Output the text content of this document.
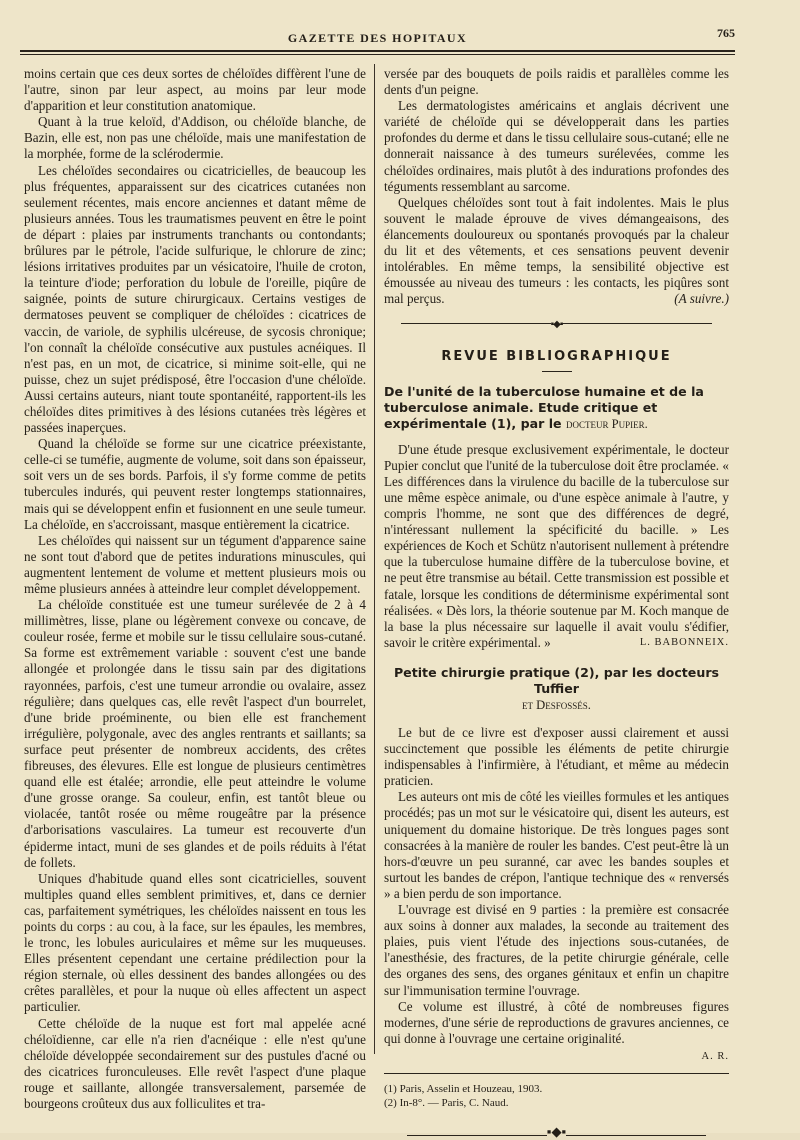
GAZETTE DES HOPITAUX	765

moins certain que ces deux sortes de chéloïdes diffèrent l'une de l'autre, sinon par leur aspect, au moins par leur mode d'apparition et leur constitution anatomique.

Quant à la true keloïd, d'Addison, ou chéloïde blanche, de Bazin, elle est, non pas une chéloïde, mais une manifestation de la morphée, forme de la sclérodermie.

Les chéloïdes secondaires ou cicatricielles, de beaucoup les plus fréquentes, apparaissent sur des cicatrices cutanées non seulement récentes, mais encore anciennes et datant même de plusieurs années. Tous les traumatismes peuvent en être le point de départ : plaies par instruments tranchants ou contondants; brûlures par le pétrole, l'acide sulfurique, le chlorure de zinc; lésions irritatives produites par un vésicatoire, l'huile de croton, la teinture d'iode; perforation du lobule de l'oreille, piqûre de saignée, points de suture chirurgicaux. Certains vestiges de dermatoses peuvent se compliquer de chéloïdes : cicatrices de vaccin, de variole, de syphilis ulcéreuse, de sycosis chronique; l'on connaît la chéloïde consécutive aux pustules acnéiques. Il n'est pas, en un mot, de cicatrice, si minime soit-elle, qui ne puisse, chez un sujet prédisposé, être l'occasion d'une chéloïde. Aussi certains auteurs, niant toute spontanéité, rapportent-ils les chéloïdes dites primitives à des lésions cutanées très légères et passées inaperçues.

Quand la chéloïde se forme sur une cicatrice préexistante, celle-ci se tuméfie, augmente de volume, soit dans son épaisseur, soit vers un de ses bords. Parfois, il s'y forme comme de petits tubercules indurés, qui peuvent rester longtemps stationnaires, mais qui se développent enfin et fusionnent en une seule tumeur. La chéloïde, en s'accroissant, masque entièrement la cicatrice.

Les chéloïdes qui naissent sur un tégument d'apparence saine ne sont tout d'abord que de petites indurations minuscules, qui augmentent lentement de volume et mettent plusieurs mois ou même plusieurs années à atteindre leur complet développement.

La chéloïde constituée est une tumeur surélevée de 2 à 4 millimètres, lisse, plane ou légèrement convexe ou concave, de couleur rosée, ferme et mobile sur le tissu cellulaire sous-cutané. Sa forme est extrêmement variable : souvent c'est une bande allongée et prolongée dans le tissu sain par des digitations rayonnées, parfois, c'est une tumeur arrondie ou ovalaire, assez régulière; dans quelques cas, elle revêt l'aspect d'un bourrelet, d'une bride proéminente, ou bien elle est franchement irrégulière, polygonale, avec des angles rentrants et saillants; sa surface peut présenter de nombreux accidents, des crêtes fibreuses, des élevures. Elle est longue de plusieurs centimètres quand elle est étalée; arrondie, elle peut atteindre le volume d'une grosse orange. Sa couleur, enfin, est tantôt bleue ou violacée, tantôt rosée ou même rougeâtre par la présence d'arborisations vasculaires. La tumeur est recouverte d'un épiderme intact, muni de ses glandes et de poils réduits à l'état de follets.

Uniques d'habitude quand elles sont cicatricielles, souvent multiples quand elles semblent primitives, et, dans ce dernier cas, parfaitement symétriques, les chéloïdes naissent en tous les points du corps : au cou, à la face, sur les épaules, les membres, le tronc, les lobules auriculaires et même sur les muqueuses. Elles présentent cependant une certaine prédilection pour la région sternale, où elles dessinent des bandes allongées ou des crêtes parallèles, et pour la nuque où elles affectent un aspect particulier.

Cette chéloïde de la nuque est fort mal appelée acné chéloïdienne, car elle n'a rien d'acnéique : elle n'est qu'une chéloïde développée secondairement sur des pustules d'acné ou des cicatrices furonculeuses. Elle revêt l'aspect d'une plaque rouge et saillante, allongée transversalement, parsemée de bourgeons croûteux dus aux folliculites et tra-

versée par des bouquets de poils raidis et parallèles comme les dents d'un peigne.

Les dermatologistes américains et anglais décrivent une variété de chéloïde qui se développerait dans les parties profondes du derme et dans le tissu cellulaire sous-cutané; elle ne donnerait naissance à des tumeurs surélevées, comme les chéloïdes ordinaires, mais plutôt à des indurations profondes des téguments ressemblant au sarcome.

Quelques chéloïdes sont tout à fait indolentes. Mais le plus souvent le malade éprouve de vives démangeaisons, des élancements douloureux ou spontanés provoqués par la chaleur du lit et des vêtements, et ces sensations peuvent devenir intolérables. En même temps, la sensibilité objective est émoussée au niveau des tumeurs : les contacts, les piqûres sont mal perçus.	(A suivre.)
▪◆▪
REVUE BIBLIOGRAPHIQUE
De l'unité de la tuberculose humaine et de la tuberculose animale. Etude critique et expérimentale (1), par le docteur Pupier.

D'une étude presque exclusivement expérimentale, le docteur Pupier conclut que l'unité de la tuberculose doit être proclamée. « Les différences dans la virulence du bacille de la tuberculose sur une même espèce animale, ou d'une espèce animale à l'autre, y compris l'homme, ne sont que des différences de degré, n'intéressant nullement la spécificité du bacille. » Les expériences de Koch et Schütz n'autorisent nullement à prétendre que la tuberculose humaine diffère de la tuberculose bovine, et ne peut être transmise au bétail. Cette transmission est possible et fatale, lorsque les conditions de déterminisme expérimental sont réalisées. « Dès lors, la théorie soutenue par M. Koch manque de la base la plus nécessaire sur laquelle il avait voulu s'édifier, savoir le critère expérimental. »	L. BABONNEIX.
Petite chirurgie pratique (2), par les docteurs Tuffier
et Desfossés.

Le but de ce livre est d'exposer aussi clairement et aussi succinctement que possible les éléments de petite chirurgie indispensables à l'infirmière, à l'étudiant, et même au médecin praticien.

Les auteurs ont mis de côté les vieilles formules et les antiques procédés; pas un mot sur le vésicatoire qui, disent les auteurs, est uniquement du domaine historique. De très longues pages sont consacrées à la manière de rouler les bandes. C'est peut-être là un hors-d'œuvre un peu suranné, car avec les bandes souples et surtout les bandes de crépon, l'antique technique des « renversés » a bien perdu de son importance.

L'ouvrage est divisé en 9 parties : la première est consacrée aux soins à donner aux malades, la seconde au traitement des plaies, puis vient l'étude des injections sous-cutanées, de l'anesthésie, des fractures, de la petite chirurgie générale, celle des organes des sens, des organes génitaux et enfin un chapitre sur l'immunisation termine l'ouvrage.

Ce volume est illustré, à côté de nombreuses figures modernes, d'une série de reproductions de gravures anciennes, ce qui donne à l'ouvrage une certaine originalité.

A. R.
(1) Paris, Asselin et Houzeau, 1903.
(2) In-8°. — Paris, C. Naud.
▪◆▪
